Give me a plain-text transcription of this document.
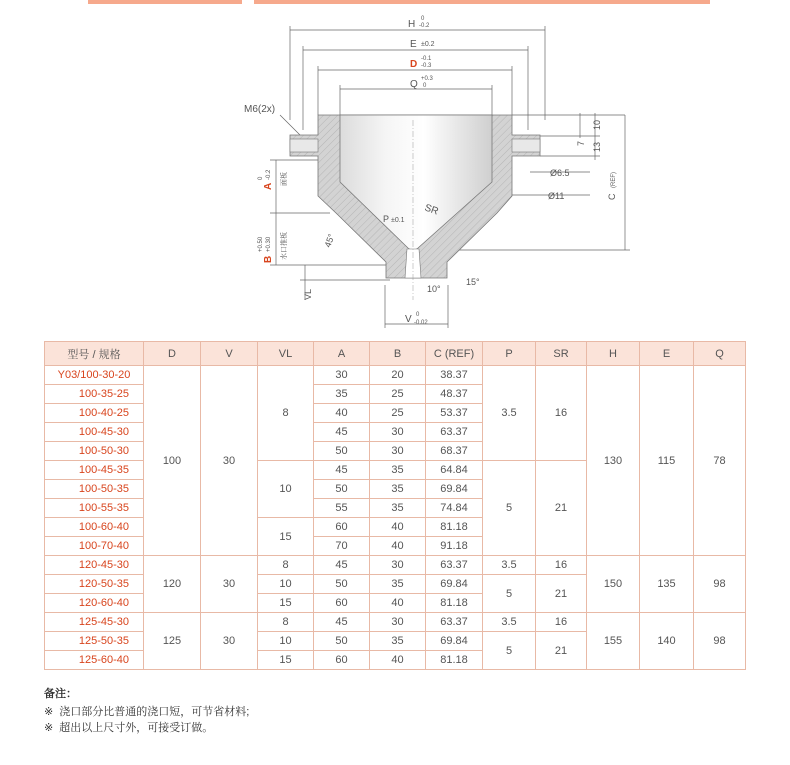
H 0
-0.2
E ±0.2
D -0.1
-0.3
Q +0.3
0
M6(2x)
10
7 13
Ø6.5
Ø11	C
(REF)
SR
P ±0.1
45°
10°
15°
A
0 -0.2 面板
B
+0.50 +0.30 水口推板
VL
V 0
-0.02
型号 / 规格	D	V	VL	A	B	C (REF)	P	SR	H	E	Q
Y03/100-30-20	100	30	8	30	20	38.37	3.5	16	130	115	78
100-35-25				35	25	48.37					
100-40-25				40	25	53.37					
100-45-30				45	30	63.37					
100-50-30				50	30	68.37					
100-45-35			10	45	35	64.84	5	21			
100-50-35				50	35	69.84					
100-55-35				55	35	74.84					
100-60-40			15	60	40	81.18					
100-70-40				70	40	91.18					
120-45-30	120	30	8	45	30	63.37	3.5	16	150	135	98
120-50-35			10	50	35	69.84	5	21			
120-60-40			15	60	40	81.18					
125-45-30	125	30	8	45	30	63.37	3.5	16	155	140	98
125-50-35			10	50	35	69.84	5	21			
125-60-40			15	60	40	81.18					
备注：
※ 浇口部分比普通的浇口短，可节省材料;
※ 超出以上尺寸外，可接受订做。
